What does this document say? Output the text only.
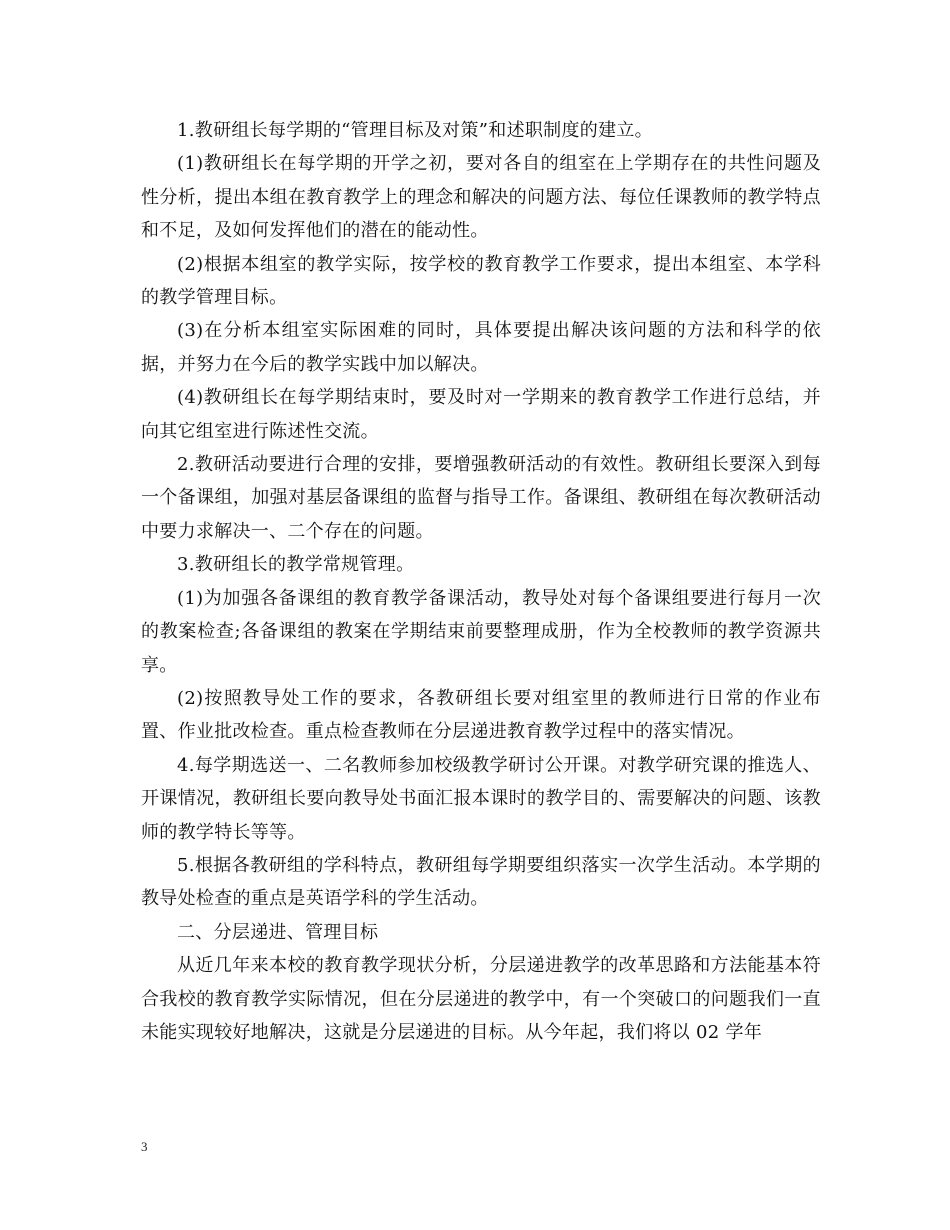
1.教研组长每学期的“管理目标及对策”和述职制度的建立。

(1)教研组长在每学期的开学之初，要对各自的组室在上学期存在的共性问题及性分析，提出本组在教育教学上的理念和解决的问题方法、每位任课教师的教学特点和不足，及如何发挥他们的潜在的能动性。

(2)根据本组室的教学实际，按学校的教育教学工作要求，提出本组室、本学科的教学管理目标。

(3)在分析本组室实际困难的同时，具体要提出解决该问题的方法和科学的依据，并努力在今后的教学实践中加以解决。

(4)教研组长在每学期结束时，要及时对一学期来的教育教学工作进行总结，并向其它组室进行陈述性交流。

2.教研活动要进行合理的安排，要增强教研活动的有效性。教研组长要深入到每一个备课组，加强对基层备课组的监督与指导工作。备课组、教研组在每次教研活动中要力求解决一、二个存在的问题。

3.教研组长的教学常规管理。

(1)为加强各备课组的教育教学备课活动，教导处对每个备课组要进行每月一次的教案检查;各备课组的教案在学期结束前要整理成册，作为全校教师的教学资源共享。

(2)按照教导处工作的要求，各教研组长要对组室里的教师进行日常的作业布置、作业批改检查。重点检查教师在分层递进教育教学过程中的落实情况。

4.每学期选送一、二名教师参加校级教学研讨公开课。对教学研究课的推选人、开课情况，教研组长要向教导处书面汇报本课时的教学目的、需要解决的问题、该教师的教学特长等等。

5.根据各教研组的学科特点，教研组每学期要组织落实一次学生活动。本学期的教导处检查的重点是英语学科的学生活动。

二、分层递进、管理目标

从近几年来本校的教育教学现状分析，分层递进教学的改革思路和方法能基本符合我校的教育教学实际情况，但在分层递进的教学中，有一个突破口的问题我们一直未能实现较好地解决，这就是分层递进的目标。从今年起，我们将以 02 学年

3
